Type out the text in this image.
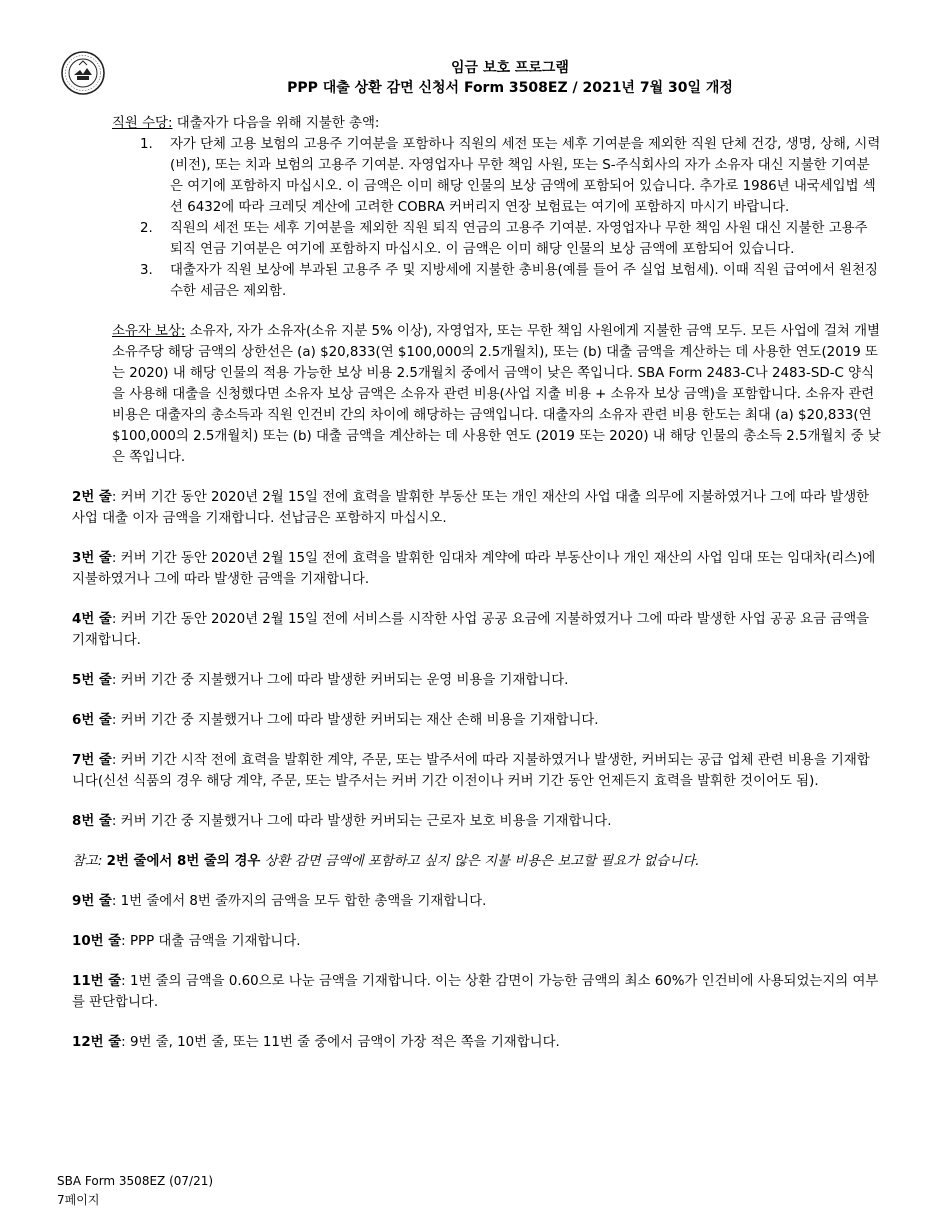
임금 보호 프로그램
PPP 대출 상환 감면 신청서 Form 3508EZ / 2021년 7월 30일 개정

직원 수당: 대출자가 다음을 위해 지불한 총액:

1. 자가 단체 고용 보험의 고용주 기여분을 포함하나 직원의 세전 또는 세후 기여분을 제외한 직원 단체 건강, 생명, 상해, 시력(비전), 또는 치과 보험의 고용주 기여분. 자영업자나 무한 책임 사원, 또는 S-주식회사의 자가 소유자 대신 지불한 기여분은 여기에 포함하지 마십시오. 이 금액은 이미 해당 인물의 보상 금액에 포함되어 있습니다. 추가로 1986년 내국세입법 섹션 6432에 따라 크레딧 계산에 고려한 COBRA 커버리지 연장 보험료는 여기에 포함하지 마시기 바랍니다.
2. 직원의 세전 또는 세후 기여분을 제외한 직원 퇴직 연금의 고용주 기여분. 자영업자나 무한 책임 사원 대신 지불한 고용주 퇴직 연금 기여분은 여기에 포함하지 마십시오. 이 금액은 이미 해당 인물의 보상 금액에 포함되어 있습니다.
3. 대출자가 직원 보상에 부과된 고용주 주 및 지방세에 지불한 총비용(예를 들어 주 실업 보험세). 이때 직원 급여에서 원천징수한 세금은 제외함.

소유자 보상: 소유자, 자가 소유자(소유 지분 5% 이상), 자영업자, 또는 무한 책임 사원에게 지불한 금액 모두. 모든 사업에 걸쳐 개별 소유주당 해당 금액의 상한선은 (a) $20,833(연 $100,000의 2.5개월치), 또는 (b) 대출 금액을 계산하는 데 사용한 연도(2019 또는 2020) 내 해당 인물의 적용 가능한 보상 비용 2.5개월치 중에서 금액이 낮은 쪽입니다. SBA Form 2483-C나 2483-SD-C 양식을 사용해 대출을 신청했다면 소유자 보상 금액은 소유자 관련 비용(사업 지출 비용 + 소유자 보상 금액)을 포함합니다. 소유자 관련 비용은 대출자의 총소득과 직원 인건비 간의 차이에 해당하는 금액입니다. 대출자의 소유자 관련 비용 한도는 최대 (a) $20,833(연 $100,000의 2.5개월치) 또는 (b) 대출 금액을 계산하는 데 사용한 연도 (2019 또는 2020) 내 해당 인물의 총소득 2.5개월치 중 낮은 쪽입니다.

2번 줄: 커버 기간 동안 2020년 2월 15일 전에 효력을 발휘한 부동산 또는 개인 재산의 사업 대출 의무에 지불하였거나 그에 따라 발생한 사업 대출 이자 금액을 기재합니다. 선납금은 포함하지 마십시오.

3번 줄: 커버 기간 동안 2020년 2월 15일 전에 효력을 발휘한 임대차 계약에 따라 부동산이나 개인 재산의 사업 임대 또는 임대차(리스)에 지불하였거나 그에 따라 발생한 금액을 기재합니다.

4번 줄: 커버 기간 동안 2020년 2월 15일 전에 서비스를 시작한 사업 공공 요금에 지불하였거나 그에 따라 발생한 사업 공공 요금 금액을 기재합니다.

5번 줄: 커버 기간 중 지불했거나 그에 따라 발생한 커버되는 운영 비용을 기재합니다.

6번 줄: 커버 기간 중 지불했거나 그에 따라 발생한 커버되는 재산 손해 비용을 기재합니다.

7번 줄: 커버 기간 시작 전에 효력을 발휘한 계약, 주문, 또는 발주서에 따라 지불하였거나 발생한, 커버되는 공급 업체 관련 비용을 기재합니다(신선 식품의 경우 해당 계약, 주문, 또는 발주서는 커버 기간 이전이나 커버 기간 동안 언제든지 효력을 발휘한 것이어도 됨).

8번 줄: 커버 기간 중 지불했거나 그에 따라 발생한 커버되는 근로자 보호 비용을 기재합니다.

참고: 2번 줄에서 8번 줄의 경우 상환 감면 금액에 포함하고 싶지 않은 지불 비용은 보고할 필요가 없습니다.

9번 줄: 1번 줄에서 8번 줄까지의 금액을 모두 합한 총액을 기재합니다.

10번 줄: PPP 대출 금액을 기재합니다.

11번 줄: 1번 줄의 금액을 0.60으로 나눈 금액을 기재합니다. 이는 상환 감면이 가능한 금액의 최소 60%가 인건비에 사용되었는지의 여부를 판단합니다.

12번 줄: 9번 줄, 10번 줄, 또는 11번 줄 중에서 금액이 가장 적은 쪽을 기재합니다.

SBA Form 3508EZ (07/21)
7페이지
